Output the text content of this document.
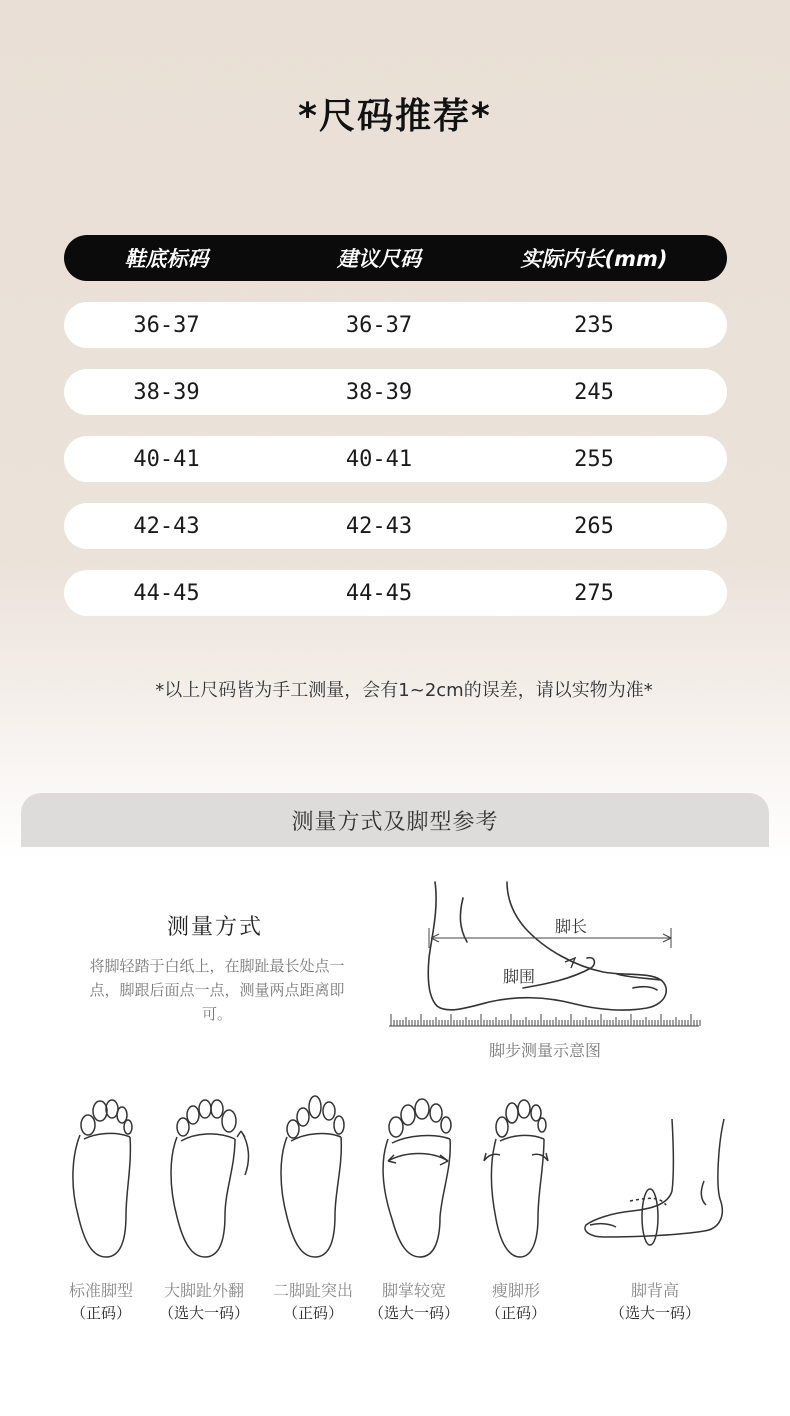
*尺码推荐*
鞋底标码	建议尺码	实际内长(mm)
36-37	36-37	235
38-39	38-39	245
40-41	40-41	255
42-43	42-43	265
44-45	44-45	275
*以上尺码皆为手工测量，会有1~2cm的误差，请以实物为准*
测量方式及脚型参考
测量方式
将脚轻踏于白纸上，在脚趾最长处点一点，脚跟后面点一点，测量两点距离即可。
脚长
脚围
脚步测量示意图
标准脚型
（正码）
大脚趾外翻
（选大一码）
二脚趾突出
（正码）
脚掌较宽
（选大一码）
瘦脚形
（正码）
脚背高
（选大一码）
